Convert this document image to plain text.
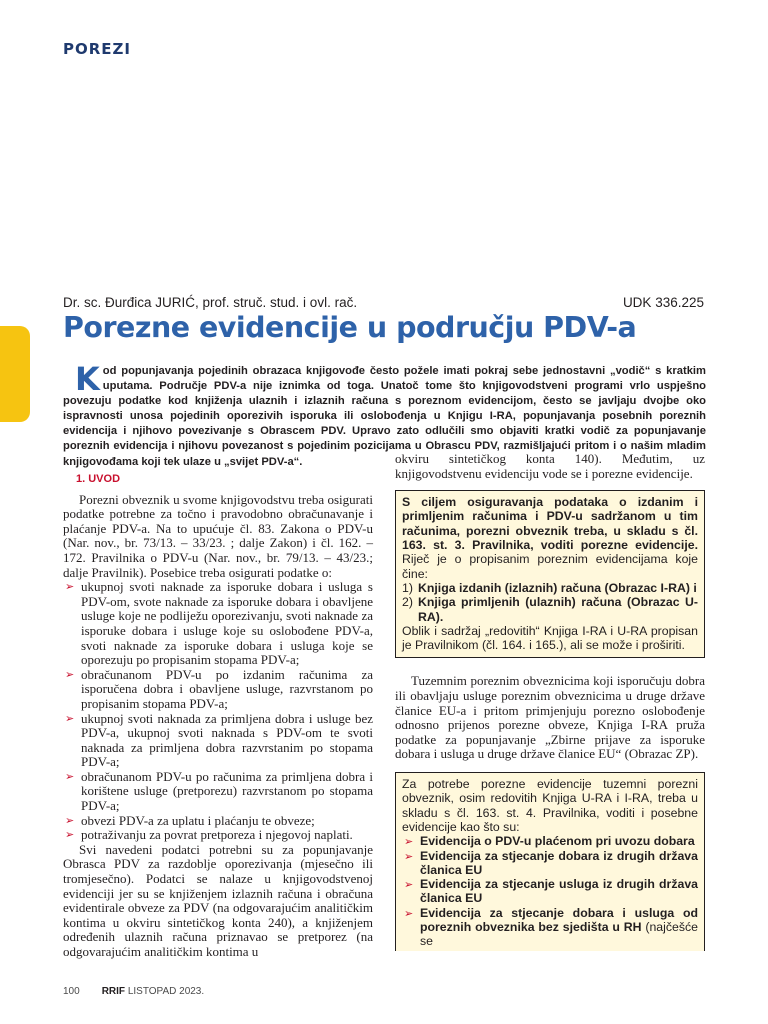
POREZI
Dr. sc. Đurđica JURIĆ, prof. struč. stud. i ovl. rač.	UDK 336.225
Porezne evidencije u području PDV-a
Kod popunjavanja pojedinih obrazaca knjigovođe često požele imati pokraj sebe jednostavni „vodič“ s kratkim uputama. Područje PDV-a nije iznimka od toga. Unatoč tome što knjigovodstveni programi vrlo uspješno povezuju podatke kod knjiženja ulaznih i izlaznih računa s poreznom evidencijom, često se javljaju dvojbe oko ispravnosti unosa pojedinih oporezivih isporuka ili oslobođenja u Knjigu I-RA, popunjavanja posebnih poreznih evidencija i njihovo povezivanje s Obrascem PDV. Upravo zato odlučili smo objaviti kratki vodič za popunjavanje poreznih evidencija i njihovu povezanost s pojedinim pozicijama u Obrascu PDV, razmišljajući pritom i o našim mladim knjigovođama koji tek ulaze u „svijet PDV-a“.
1. UVOD

Porezni obveznik u svome knjigovodstvu treba osigurati podatke potrebne za točno i pravodobno obračunavanje i plaćanje PDV-a. Na to upućuje čl. 83. Zakona o PDV-u (Nar. nov., br. 73/13. – 33/23. ; dalje Zakon) i čl. 162. – 172. Pravilnika o PDV-u (Nar. nov., br. 79/13. – 43/23.; dalje Pravilnik). Posebice treba osigurati podatke o:

➢ ukupnoj svoti naknade za isporuke dobara i usluga s PDV-om, svote naknade za isporuke dobara i obavljene usluge koje ne podliježu oporezivanju, svoti naknade za isporuke dobara i usluge koje su oslobođene PDV-a, svoti naknade za isporuke dobara i usluga koje se oporezuju po propisanim stopama PDV-a;
➢ obračunanom PDV-u po izdanim računima za isporučena dobra i obavljene usluge, razvrstanom po propisanim stopama PDV-a;
➢ ukupnoj svoti naknada za primljena dobra i usluge bez PDV-a, ukupnoj svoti naknada s PDV-om te svoti naknada za primljena dobra razvrstanim po stopama PDV-a;
➢ obračunanom PDV-u po računima za primljena dobra i korištene usluge (pretporezu) razvrstanom po stopama PDV-a;
➢ obvezi PDV-a za uplatu i plaćanju te obveze;
➢ potraživanju za povrat pretporeza i njegovoj naplati.

Svi navedeni podatci potrebni su za popunjavanje Obrasca PDV za razdoblje oporezivanja (mjesečno ili tromjesečno). Podatci se nalaze u knjigovodstvenoj evidenciji jer su se knjiženjem izlaznih računa i obračuna evidentirale obveze za PDV (na odgovarajućim analitičkim kontima u okviru sintetičkog konta 240), a knjiženjem određenih ulaznih računa priznavao se pretporez (na odgovarajućim analitičkim kontima u

okviru sintetičkog konta 140). Međutim, uz knjigovodstvenu evidenciju vode se i porezne evidencije.

S ciljem osiguravanja podataka o izdanim i primljenim računima i PDV-u sadržanom u tim računima, porezni obveznik treba, u skladu s čl. 163. st. 3. Pravilnika, voditi porezne evidencije. Riječ je o propisanim poreznim evidencijama koje čine:
1) Knjiga izdanih (izlaznih) računa (Obrazac I-RA) i
2) Knjiga primljenih (ulaznih) računa (Obrazac U-RA).
Oblik i sadržaj „redovitih“ Knjiga I-RA i U-RA propisan je Pravilnikom (čl. 164. i 165.), ali se može i proširiti.

Tuzemnim poreznim obveznicima koji isporučuju dobra ili obavljaju usluge poreznim obveznicima u druge države članice EU-a i pritom primjenjuju porezno oslobođenje odnosno prijenos porezne obveze, Knjiga I-RA pruža podatke za popunjavanje „Zbirne prijave za isporuke dobara i usluga u druge države članice EU“ (Obrazac ZP).

Za potrebe porezne evidencije tuzemni porezni obveznik, osim redovitih Knjiga U-RA i I-RA, treba u skladu s čl. 163. st. 4. Pravilnika, voditi i posebne evidencije kao što su:
➢ Evidencija o PDV-u plaćenom pri uvozu dobara
➢ Evidencija za stjecanje dobara iz drugih država članica EU
➢ Evidencija za stjecanje usluga iz drugih država članica EU
➢ Evidencija za stjecanje dobara i usluga od poreznih obveznika bez sjedišta u RH (najčešće se
100 RRIF LISTOPAD 2023.
